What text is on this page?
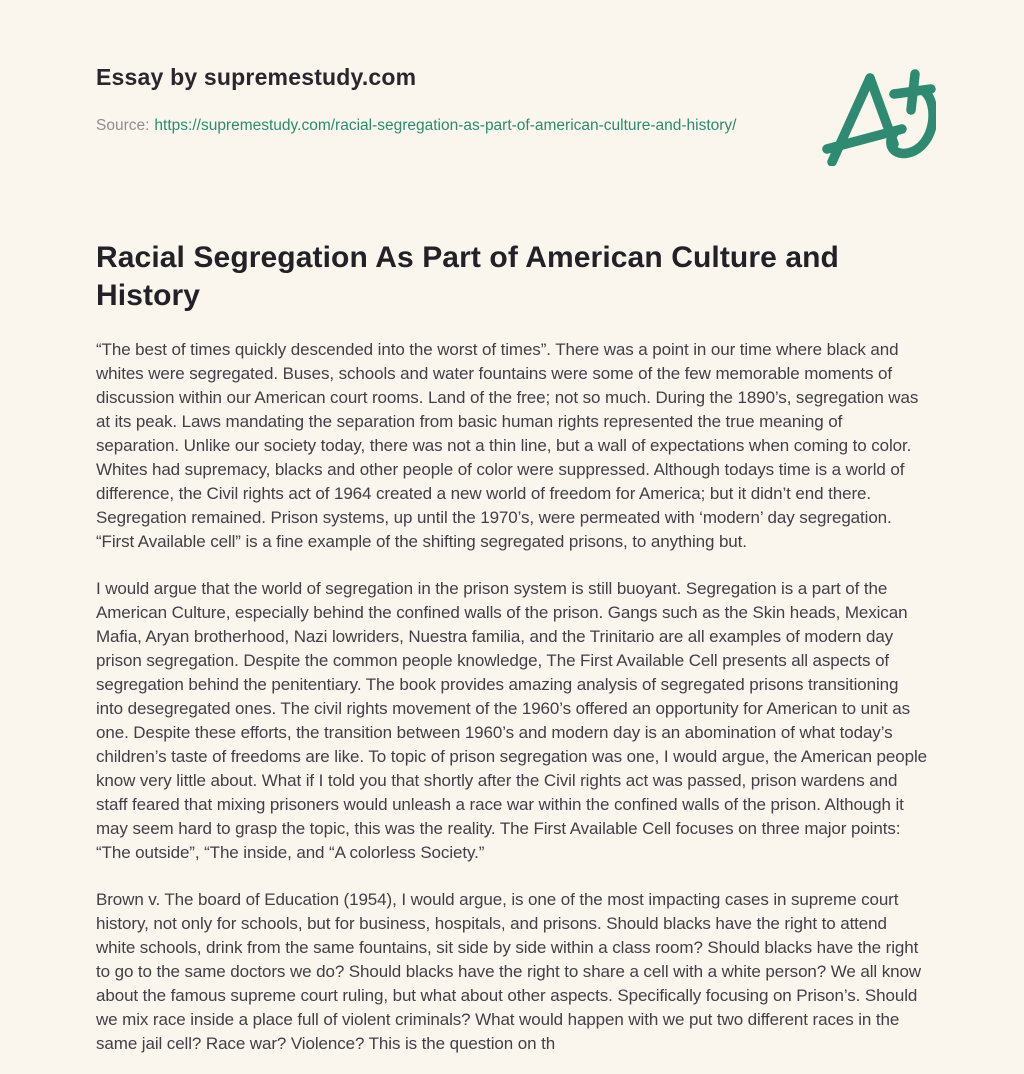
Essay by supremestudy.com
Source: https://supremestudy.com/racial-segregation-as-part-of-american-culture-and-history/
Racial Segregation As Part of American Culture and History

“The best of times quickly descended into the worst of times”. There was a point in our time where black and whites were segregated. Buses, schools and water fountains were some of the few memorable moments of discussion within our American court rooms. Land of the free; not so much. During the 1890’s, segregation was at its peak. Laws mandating the separation from basic human rights represented the true meaning of separation. Unlike our society today, there was not a thin line, but a wall of expectations when coming to color. Whites had supremacy, blacks and other people of color were suppressed. Although todays time is a world of difference, the Civil rights act of 1964 created a new world of freedom for America; but it didn’t end there. Segregation remained. Prison systems, up until the 1970’s, were permeated with ‘modern’ day segregation. “First Available cell” is a fine example of the shifting segregated prisons, to anything but.

I would argue that the world of segregation in the prison system is still buoyant. Segregation is a part of the American Culture, especially behind the confined walls of the prison. Gangs such as the Skin heads, Mexican Mafia, Aryan brotherhood, Nazi lowriders, Nuestra familia, and the Trinitario are all examples of modern day prison segregation. Despite the common people knowledge, The First Available Cell presents all aspects of segregation behind the penitentiary. The book provides amazing analysis of segregated prisons transitioning into desegregated ones. The civil rights movement of the 1960’s offered an opportunity for American to unit as one. Despite these efforts, the transition between 1960’s and modern day is an abomination of what today’s children’s taste of freedoms are like. To topic of prison segregation was one, I would argue, the American people know very little about. What if I told you that shortly after the Civil rights act was passed, prison wardens and staff feared that mixing prisoners would unleash a race war within the confined walls of the prison. Although it may seem hard to grasp the topic, this was the reality. The First Available Cell focuses on three major points: “The outside”, “The inside, and “A colorless Society.”

Brown v. The board of Education (1954), I would argue, is one of the most impacting cases in supreme court history, not only for schools, but for business, hospitals, and prisons. Should blacks have the right to attend white schools, drink from the same fountains, sit side by side within a class room? Should blacks have the right to go to the same doctors we do? Should blacks have the right to share a cell with a white person? We all know about the famous supreme court ruling, but what about other aspects. Specifically focusing on Prison’s. Should we mix race inside a place full of violent criminals? What would happen with we put two different races in the same jail cell? Race war? Violence? This is the question on th
